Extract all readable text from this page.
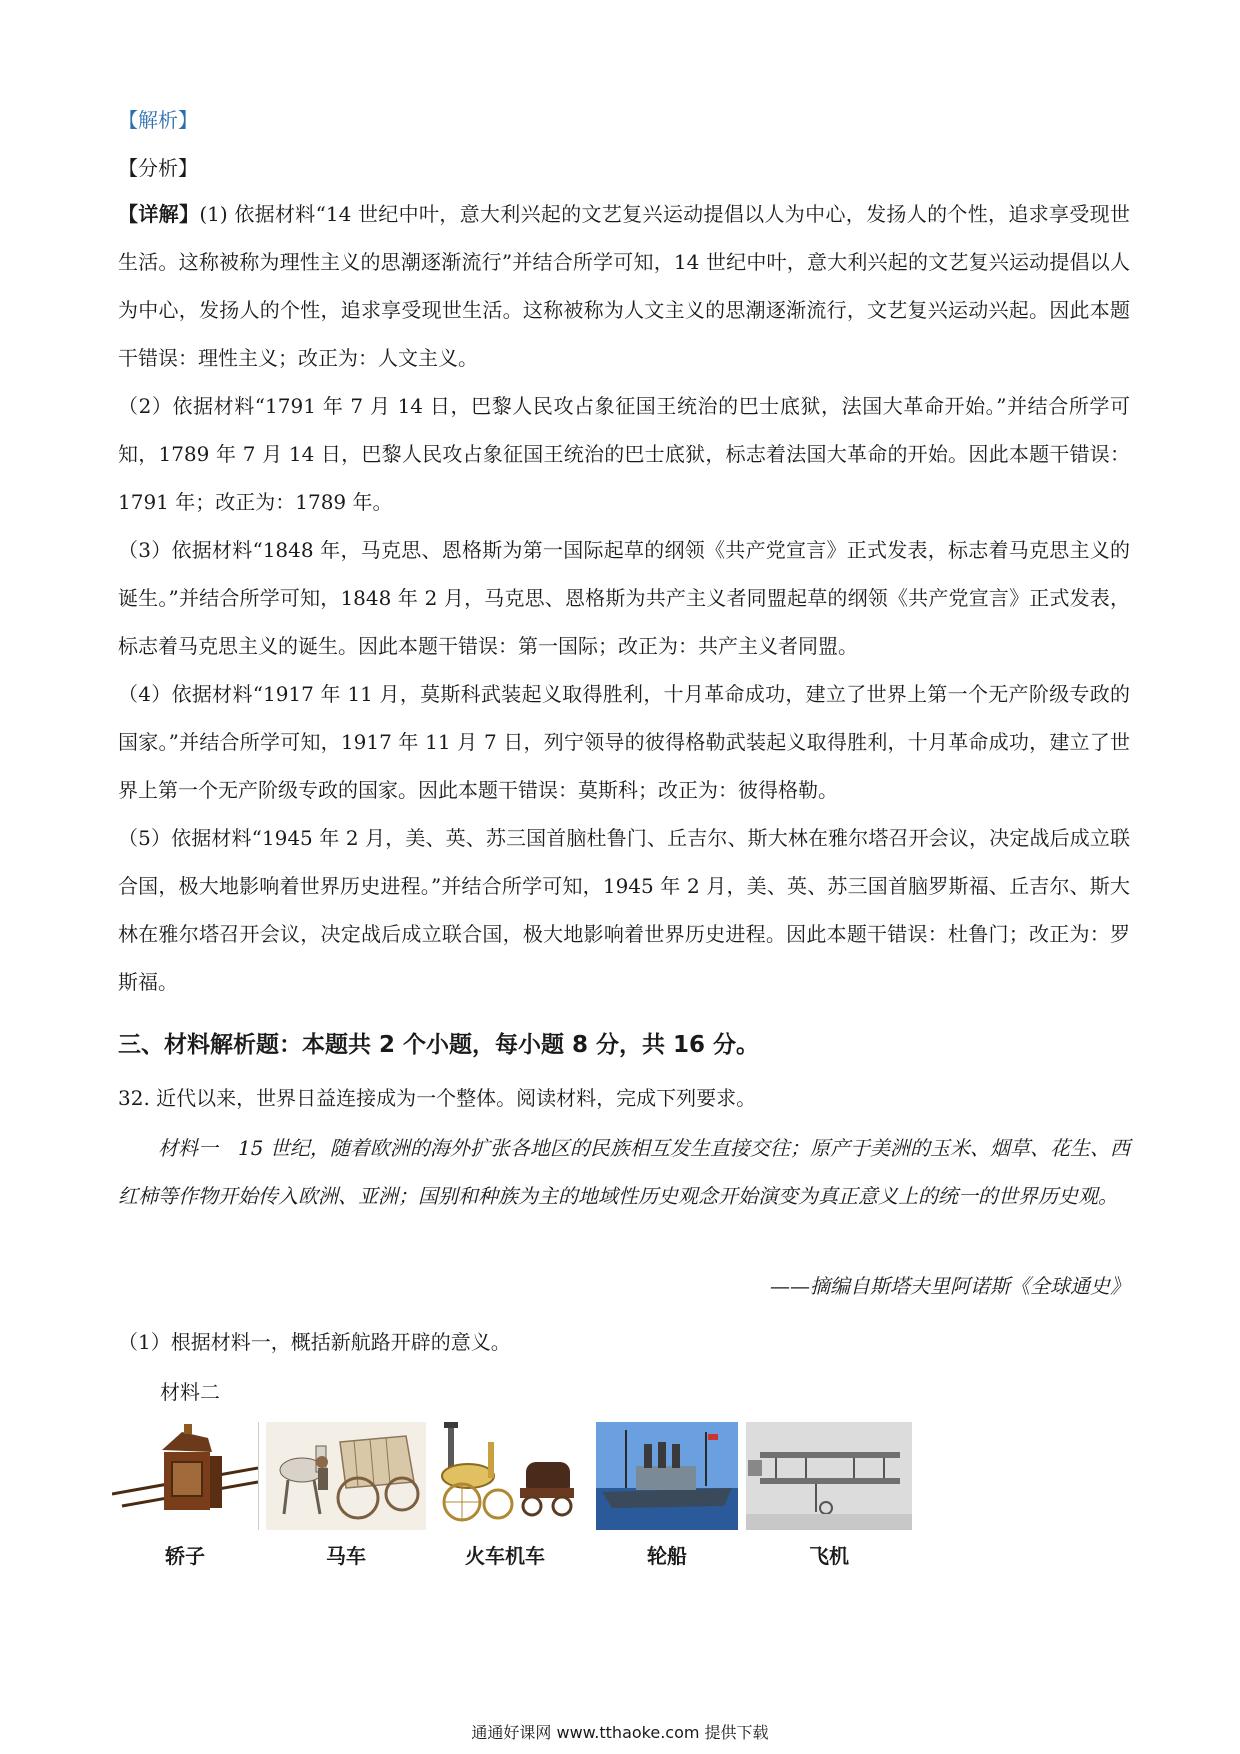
【解析】
【分析】
【详解】(1) 依据材料“14 世纪中叶，意大利兴起的文艺复兴运动提倡以人为中心，发扬人的个性，追求享受现世生活。这称被称为理性主义的思潮逐渐流行”并结合所学可知，14 世纪中叶，意大利兴起的文艺复兴运动提倡以人为中心，发扬人的个性，追求享受现世生活。这称被称为人文主义的思潮逐渐流行，文艺复兴运动兴起。因此本题干错误：理性主义；改正为：人文主义。
（2）依据材料“1791 年 7 月 14 日，巴黎人民攻占象征国王统治的巴士底狱，法国大革命开始。”并结合所学可知，1789 年 7 月 14 日，巴黎人民攻占象征国王统治的巴士底狱，标志着法国大革命的开始。因此本题干错误：1791 年；改正为：1789 年。
（3）依据材料“1848 年，马克思、恩格斯为第一国际起草的纲领《共产党宣言》正式发表，标志着马克思主义的诞生。”并结合所学可知，1848 年 2 月，马克思、恩格斯为共产主义者同盟起草的纲领《共产党宣言》正式发表，标志着马克思主义的诞生。因此本题干错误：第一国际；改正为：共产主义者同盟。
（4）依据材料“1917 年 11 月，莫斯科武装起义取得胜利，十月革命成功，建立了世界上第一个无产阶级专政的国家。”并结合所学可知，1917 年 11 月 7 日，列宁领导的彼得格勒武装起义取得胜利，十月革命成功，建立了世界上第一个无产阶级专政的国家。因此本题干错误：莫斯科；改正为：彼得格勒。
（5）依据材料“1945 年 2 月，美、英、苏三国首脑杜鲁门、丘吉尔、斯大林在雅尔塔召开会议，决定战后成立联合国，极大地影响着世界历史进程。”并结合所学可知，1945 年 2 月，美、英、苏三国首脑罗斯福、丘吉尔、斯大林在雅尔塔召开会议，决定战后成立联合国，极大地影响着世界历史进程。因此本题干错误：杜鲁门；改正为：罗斯福。
三、材料解析题：本题共 2 个小题，每小题 8 分，共 16 分。
32. 近代以来，世界日益连接成为一个整体。阅读材料，完成下列要求。
材料一　15 世纪，随着欧洲的海外扩张各地区的民族相互发生直接交往；原产于美洲的玉米、烟草、花生、西红柿等作物开始传入欧洲、亚洲；国别和种族为主的地域性历史观念开始演变为真正意义上的统一的世界历史观。
——摘编自斯塔夫里阿诺斯《全球通史》
（1）根据材料一，概括新航路开辟的意义。
材料二
轿子	马车	火车机车	轮船	飞机
通通好课网 www.tthaoke.com 提供下载
